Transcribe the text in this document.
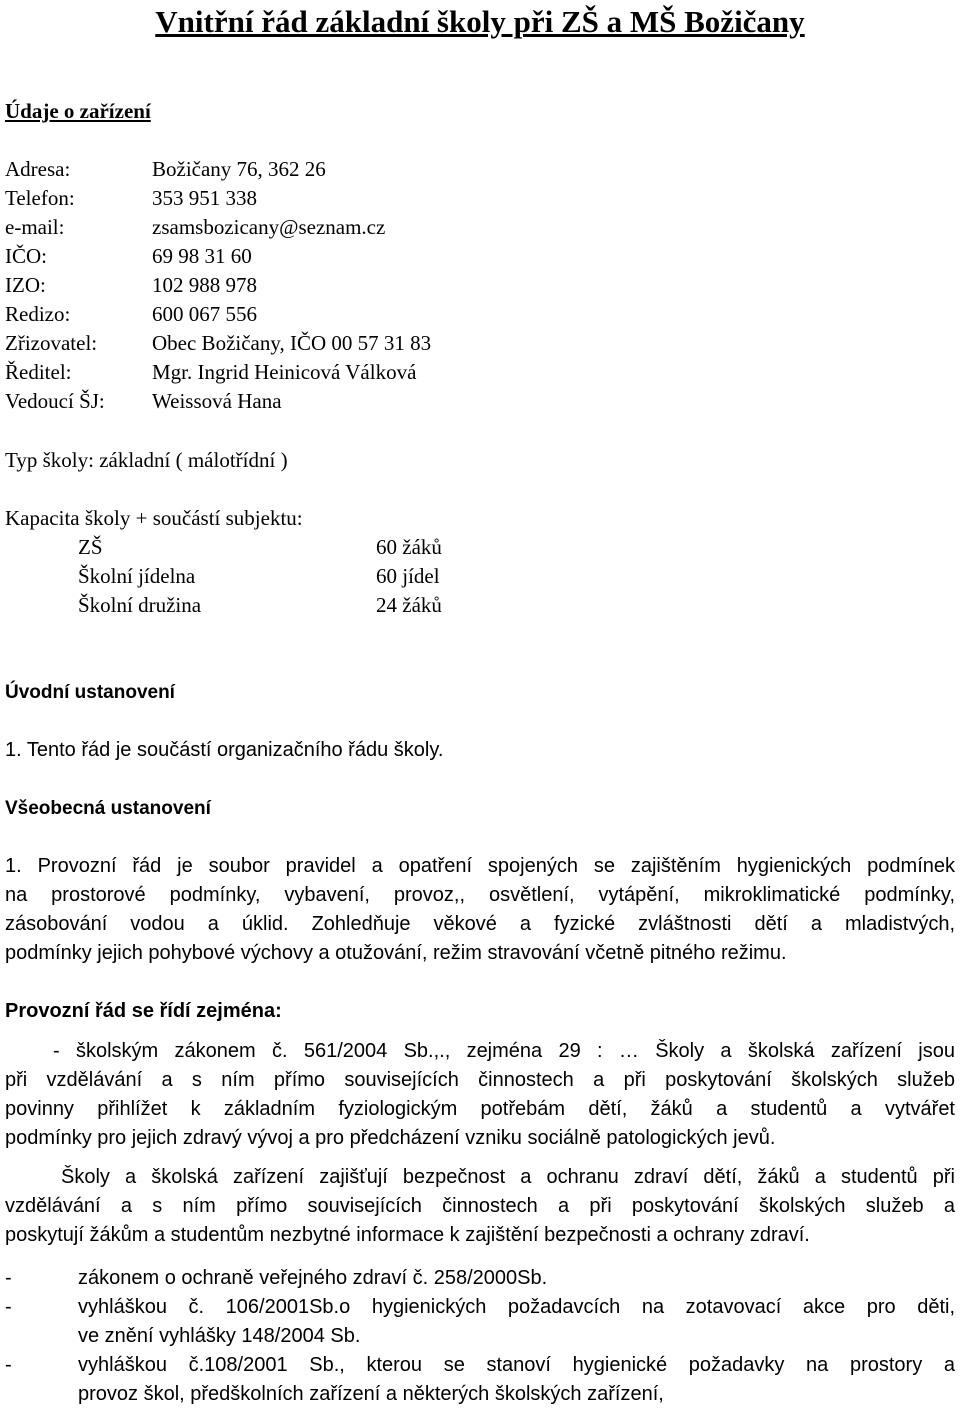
Vnitřní řád základní školy při ZŠ a MŠ Božičany
Údaje o zařízení
Adresa:	Božičany 76, 362 26
Telefon:	353 951 338
e-mail:	zsamsbozicany@seznam.cz
IČO:	69 98 31 60
IZO:	102 988 978
Redizo:	600 067 556
Zřizovatel:	Obec Božičany, IČO 00 57 31 83
Ředitel:	Mgr. Ingrid Heinicová Válková
Vedoucí ŠJ: Weissová Hana
Typ školy: základní ( málotřídní )
Kapacita školy + součástí subjektu:
ZŠ	60 žáků
Školní jídelna	60 jídel
Školní družina	24 žáků
Úvodní ustanovení
1. Tento řád je součástí organizačního řádu školy.
Všeobecná ustanovení
1. Provozní řád je soubor pravidel a opatření spojených se zajištěním hygienických podmínek
na prostorové podmínky, vybavení, provoz,, osvětlení, vytápění, mikroklimatické podmínky,
zásobování vodou a úklid. Zohledňuje věkové a fyzické zvláštnosti dětí a mladistvých,
podmínky jejich pohybové výchovy a otužování, režim stravování včetně pitného režimu.
Provozní řád se řídí zejména:
- školským zákonem č. 561/2004 Sb.,., zejména 29 : … Školy a školská zařízení jsou
při vzdělávání a s ním přímo souvisejících činnostech a při poskytování školských služeb
povinny přihlížet k základním fyziologickým potřebám dětí, žáků a studentů a vytvářet
podmínky pro jejich zdravý vývoj a pro předcházení vzniku sociálně patologických jevů.
Školy a školská zařízení zajišťují bezpečnost a ochranu zdraví dětí, žáků a studentů při
vzdělávání a s ním přímo souvisejících činnostech a při poskytování školských služeb a
poskytují žákům a studentům nezbytné informace k zajištění bezpečnosti a ochrany zdraví.
-	zákonem o ochraně veřejného zdraví č. 258/2000Sb.
-	vyhláškou č. 106/2001Sb.o hygienických požadavcích na zotavovací akce pro děti,
ve znění vyhlášky 148/2004 Sb.
-	vyhláškou č.108/2001 Sb., kterou se stanoví hygienické požadavky na prostory a
provoz škol, předškolních zařízení a některých školských zařízení,
